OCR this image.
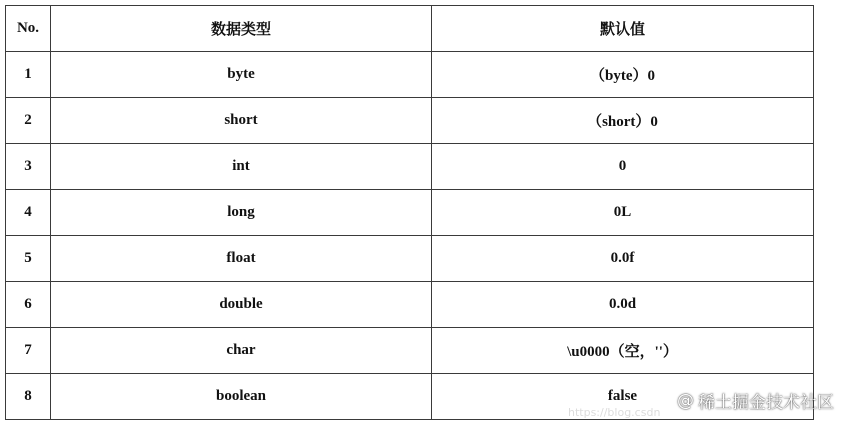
No.	数据类型	默认值
1	byte	（byte）0
2	short	（short）0
3	int	0
4	long	0L
5	float	0.0f
6	double	0.0d
7	char	\u0000（空，''）
8	boolean	false
https://blog.csdn
@ 稀土掘金技术社区
